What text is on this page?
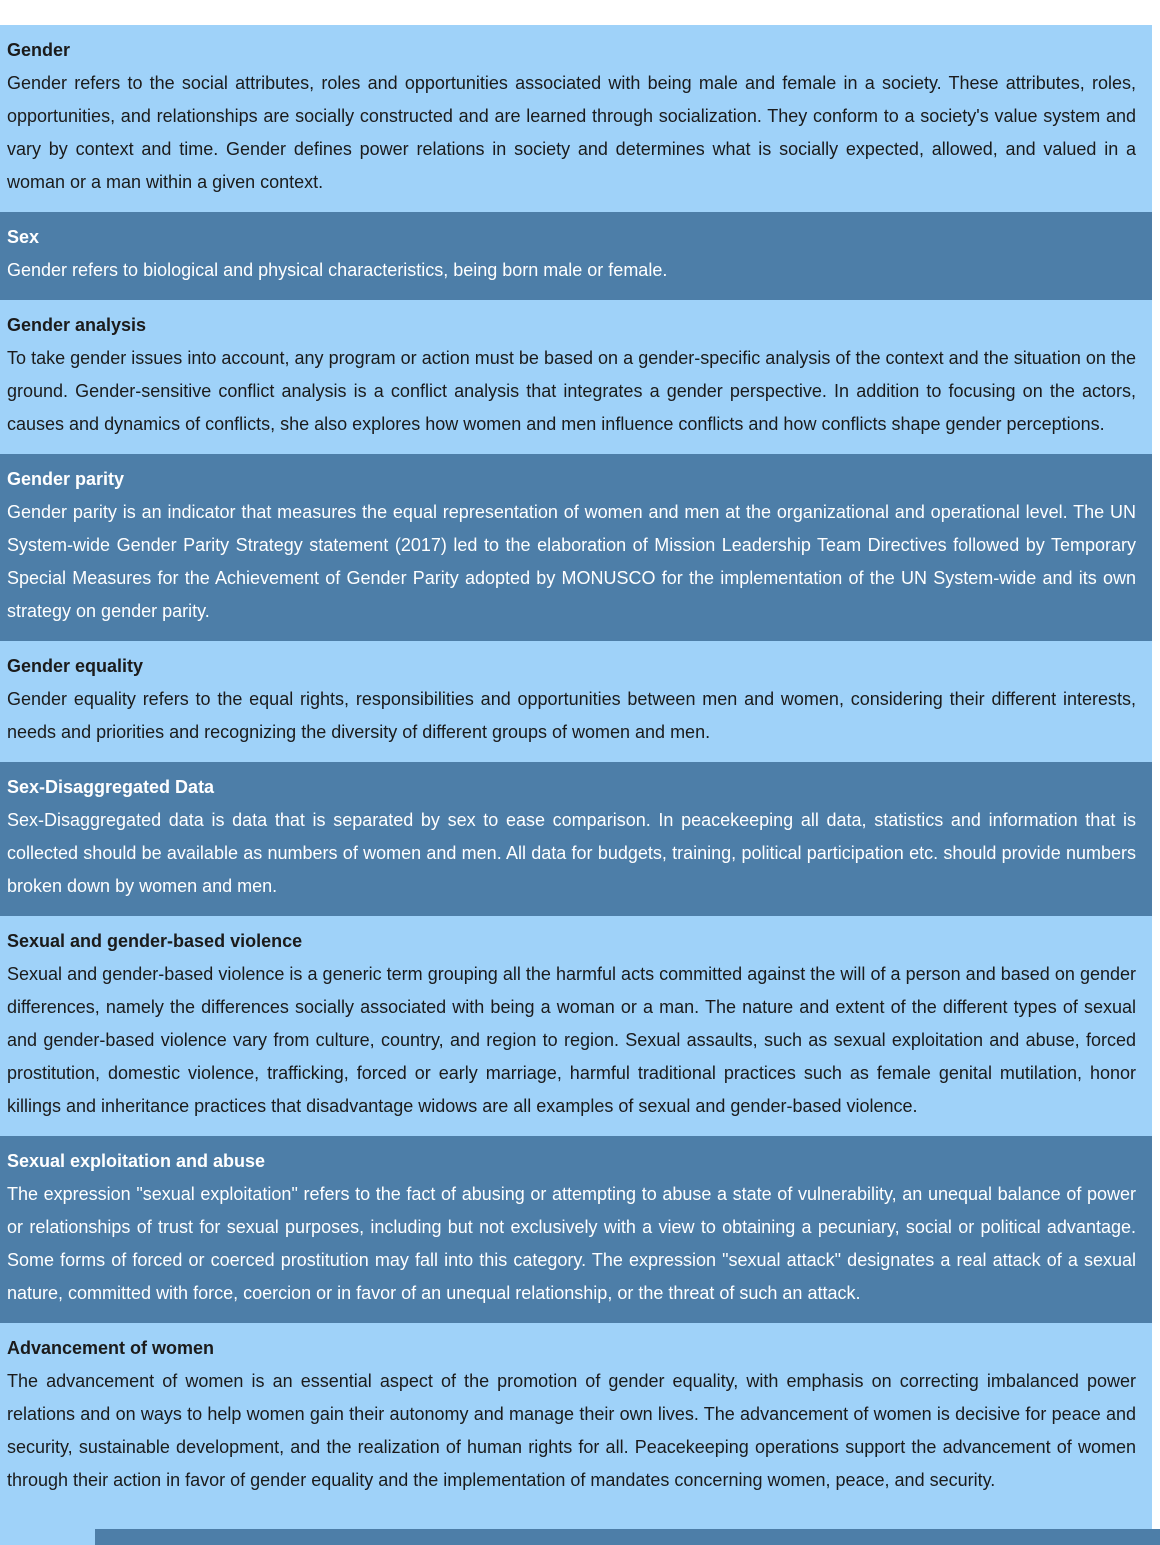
Gender

Gender refers to the social attributes, roles and opportunities associated with being male and female in a society. These attributes, roles, opportunities, and relationships are socially constructed and are learned through socialization. They conform to a society's value system and vary by context and time. Gender defines power relations in society and determines what is socially expected, allowed, and valued in a woman or a man within a given context.

Sex

Gender refers to biological and physical characteristics, being born male or female.

Gender analysis

To take gender issues into account, any program or action must be based on a gender-specific analysis of the context and the situation on the ground. Gender-sensitive conflict analysis is a conflict analysis that integrates a gender perspective. In addition to focusing on the actors, causes and dynamics of conflicts, she also explores how women and men influence conflicts and how conflicts shape gender perceptions.

Gender parity

Gender parity is an indicator that measures the equal representation of women and men at the organizational and operational level. The UN System-wide Gender Parity Strategy statement (2017) led to the elaboration of Mission Leadership Team Directives followed by Temporary Special Measures for the Achievement of Gender Parity adopted by MONUSCO for the implementation of the UN System-wide and its own strategy on gender parity.

Gender equality

Gender equality refers to the equal rights, responsibilities and opportunities between men and women, considering their different interests, needs and priorities and recognizing the diversity of different groups of women and men.

Sex-Disaggregated Data

Sex-Disaggregated data is data that is separated by sex to ease comparison. In peacekeeping all data, statistics and information that is collected should be available as numbers of women and men. All data for budgets, training, political participation etc. should provide numbers broken down by women and men.

Sexual and gender-based violence

Sexual and gender-based violence is a generic term grouping all the harmful acts committed against the will of a person and based on gender differences, namely the differences socially associated with being a woman or a man. The nature and extent of the different types of sexual and gender-based violence vary from culture, country, and region to region. Sexual assaults, such as sexual exploitation and abuse, forced prostitution, domestic violence, trafficking, forced or early marriage, harmful traditional practices such as female genital mutilation, honor killings and inheritance practices that disadvantage widows are all examples of sexual and gender-based violence.

Sexual exploitation and abuse

The expression "sexual exploitation" refers to the fact of abusing or attempting to abuse a state of vulnerability, an unequal balance of power or relationships of trust for sexual purposes, including but not exclusively with a view to obtaining a pecuniary, social or political advantage. Some forms of forced or coerced prostitution may fall into this category. The expression "sexual attack" designates a real attack of a sexual nature, committed with force, coercion or in favor of an unequal relationship, or the threat of such an attack.

Advancement of women

The advancement of women is an essential aspect of the promotion of gender equality, with emphasis on correcting imbalanced power relations and on ways to help women gain their autonomy and manage their own lives. The advancement of women is decisive for peace and security, sustainable development, and the realization of human rights for all. Peacekeeping operations support the advancement of women through their action in favor of gender equality and the implementation of mandates concerning women, peace, and security.
